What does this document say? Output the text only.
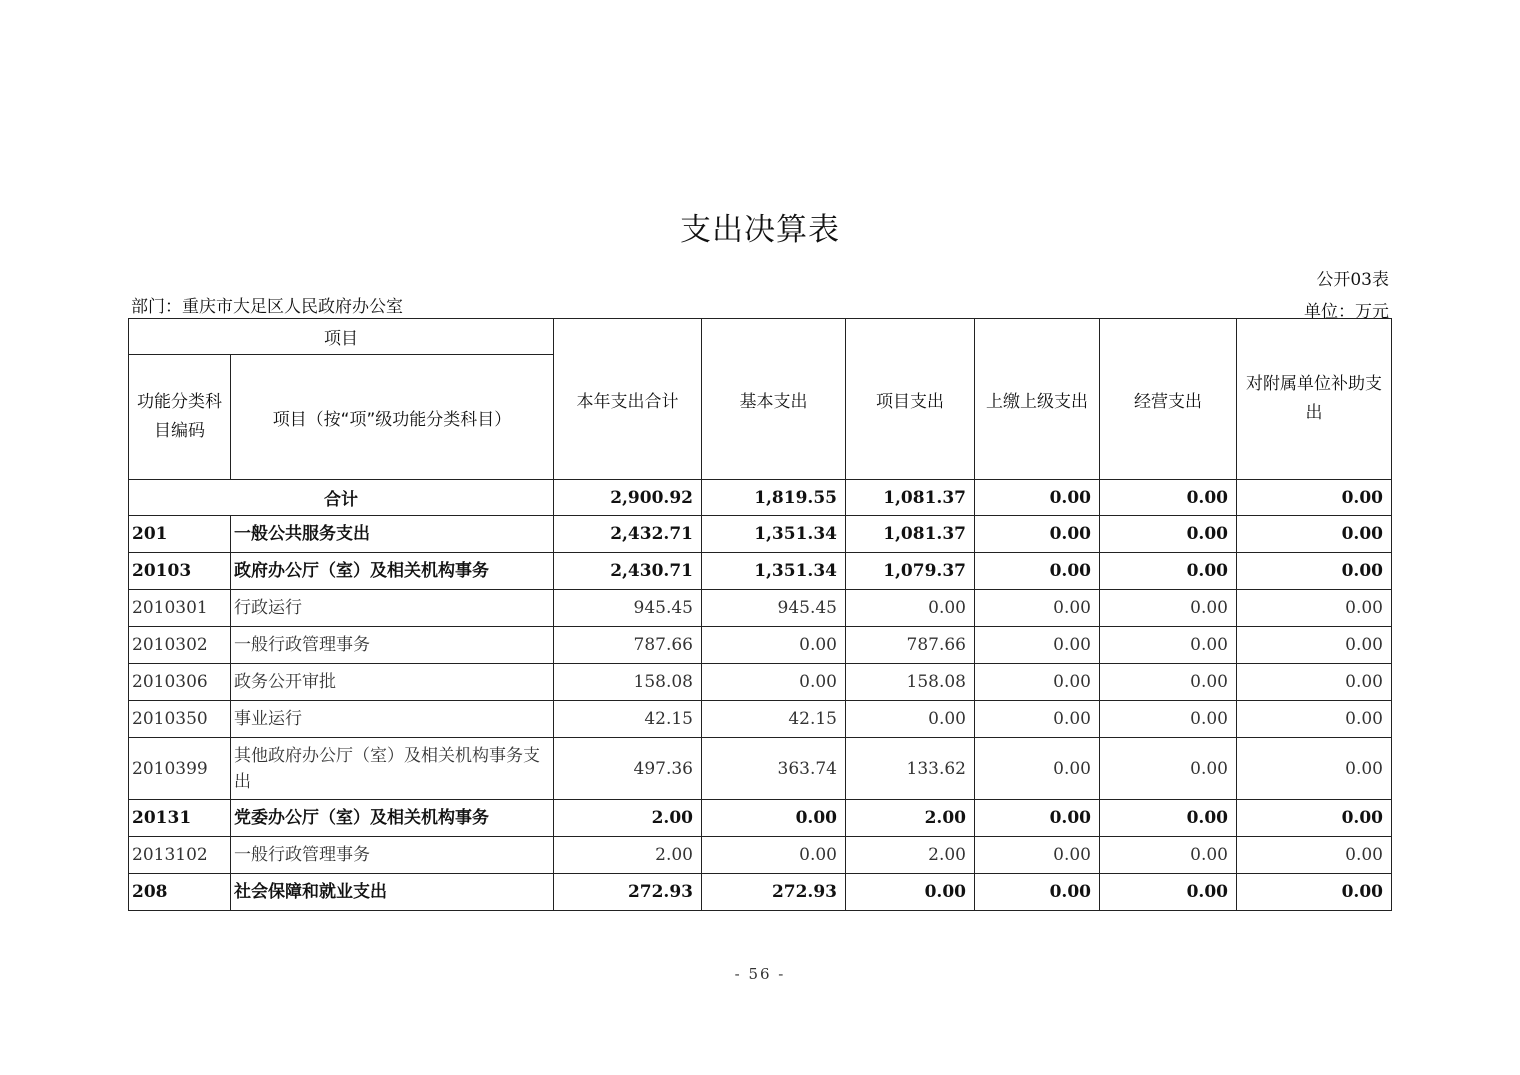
支出决算表
公开03表
部门：重庆市大足区人民政府办公室	单位：万元
项目		本年支出合计	基本支出	项目支出	上缴上级支出	经营支出	对附属单位补助支出
功能分类科目编码	项目（按“项”级功能分类科目）						
合计		2,900.92	1,819.55	1,081.37	0.00	0.00	0.00
201	一般公共服务支出	2,432.71	1,351.34	1,081.37	0.00	0.00	0.00
20103	政府办公厅（室）及相关机构事务	2,430.71	1,351.34	1,079.37	0.00	0.00	0.00
2010301	行政运行	945.45	945.45	0.00	0.00	0.00	0.00
2010302	一般行政管理事务	787.66	0.00	787.66	0.00	0.00	0.00
2010306	政务公开审批	158.08	0.00	158.08	0.00	0.00	0.00
2010350	事业运行	42.15	42.15	0.00	0.00	0.00	0.00
2010399	其他政府办公厅（室）及相关机构事务支出	497.36	363.74	133.62	0.00	0.00	0.00
20131	党委办公厅（室）及相关机构事务	2.00	0.00	2.00	0.00	0.00	0.00
2013102	一般行政管理事务	2.00	0.00	2.00	0.00	0.00	0.00
208	社会保障和就业支出	272.93	272.93	0.00	0.00	0.00	0.00
- 56 -
